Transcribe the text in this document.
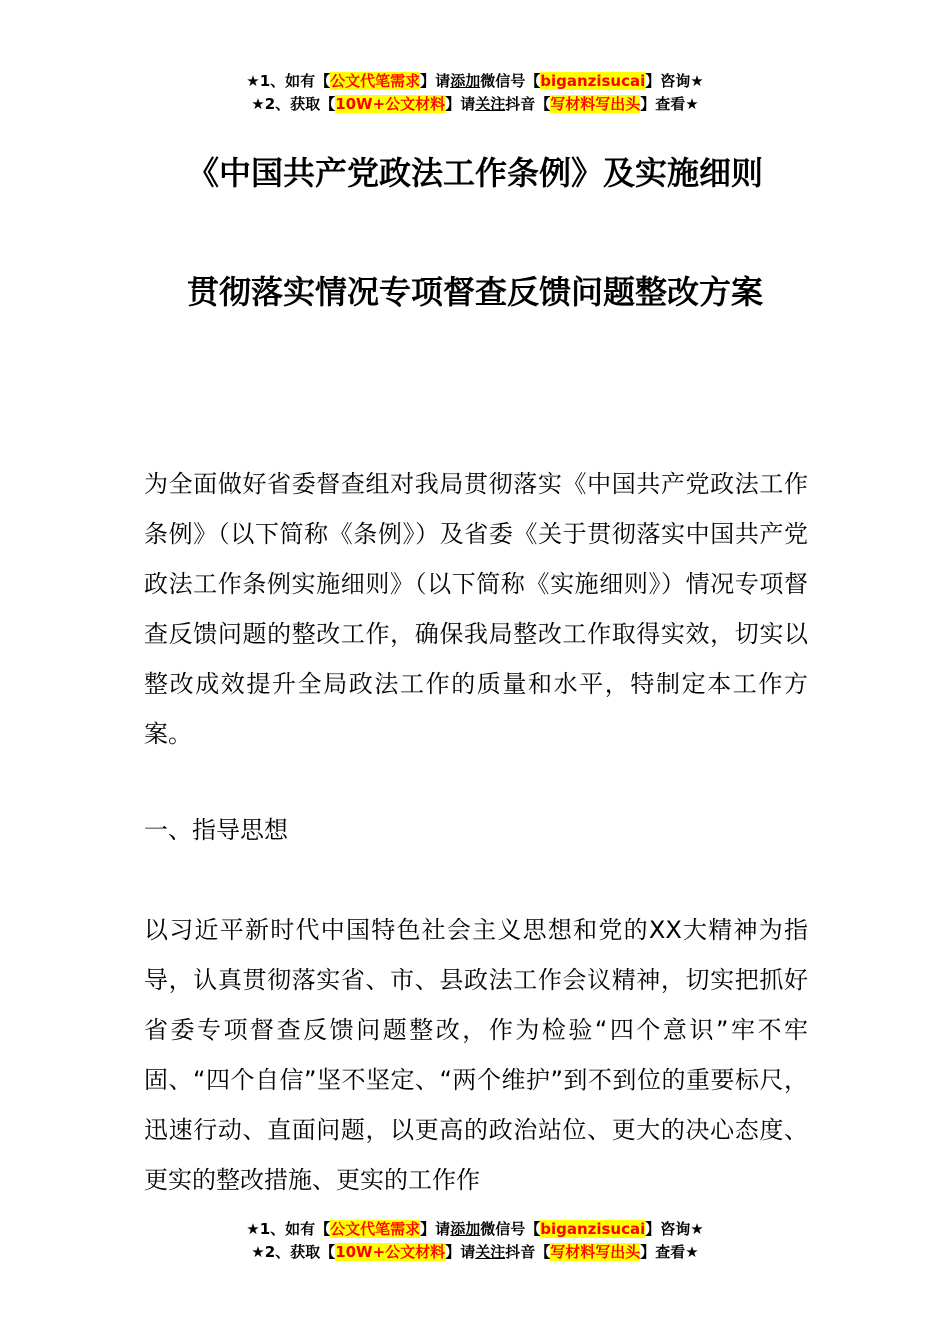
★1、如有【公文代笔需求】请添加微信号【biganzisucai】咨询★
★2、获取【10W+公文材料】请关注抖音【写材料写出头】查看★
《中国共产党政法工作条例》及实施细则
贯彻落实情况专项督查反馈问题整改方案
为全面做好省委督查组对我局贯彻落实《中国共产党政法工作条例》（以下简称《条例》）及省委《关于贯彻落实中国共产党政法工作条例实施细则》（以下简称《实施细则》）情况专项督查反馈问题的整改工作，确保我局整改工作取得实效，切实以整改成效提升全局政法工作的质量和水平，特制定本工作方案。
一、指导思想
以习近平新时代中国特色社会主义思想和党的XX大精神为指导，认真贯彻落实省、市、县政法工作会议精神，切实把抓好省委专项督查反馈问题整改，作为检验“四个意识”牢不牢固、“四个自信”坚不坚定、“两个维护”到不到位的重要标尺，迅速行动、直面问题，以更高的政治站位、更大的决心态度、更实的整改措施、更实的工作作
★1、如有【公文代笔需求】请添加微信号【biganzisucai】咨询★
★2、获取【10W+公文材料】请关注抖音【写材料写出头】查看★
